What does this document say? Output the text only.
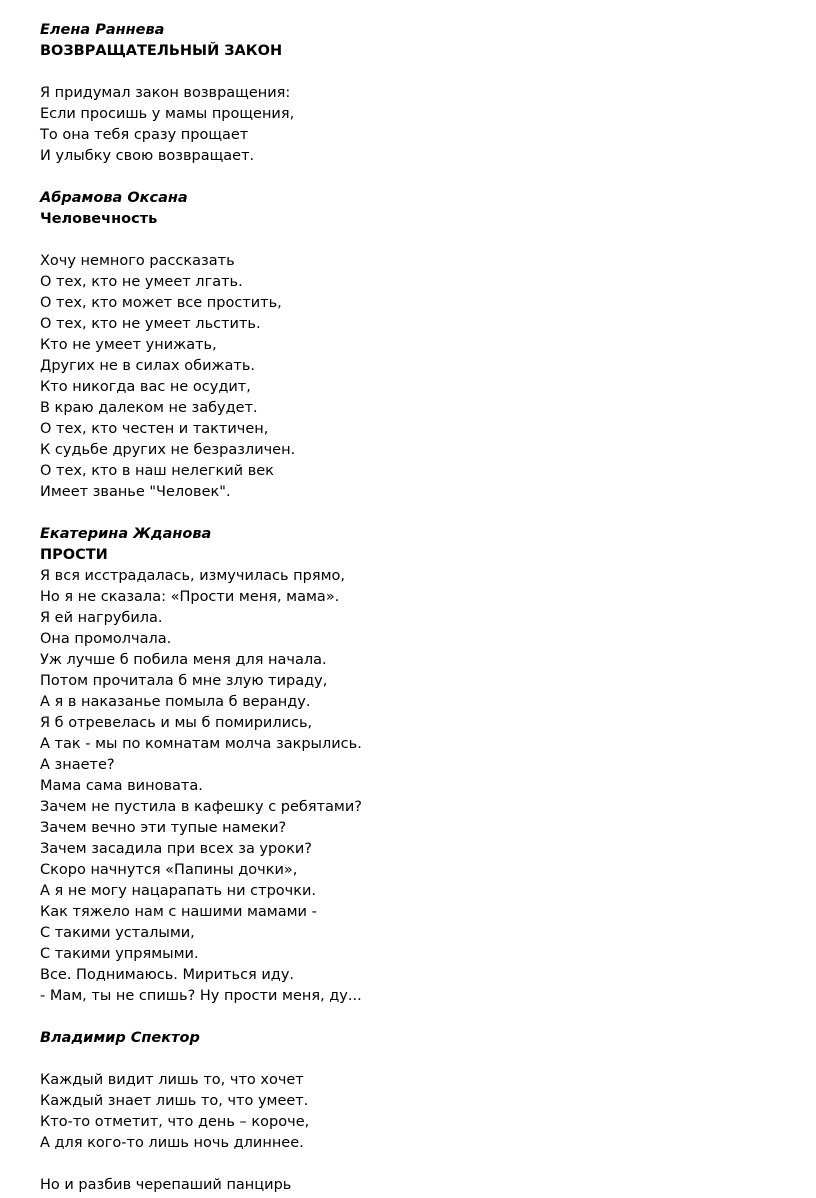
Елена Раннева
ВОЗВРАЩАТЕЛЬНЫЙ ЗАКОН
Я придумал закон возвращения:
Если просишь у мамы прощения,
То она тебя сразу прощает
И улыбку свою возвращает.
Абрамова Оксана
Человечность
Хочу немного рассказать
О тех, кто не умеет лгать.
О тех, кто может все простить,
О тех, кто не умеет льстить.
Кто не умеет унижать,
Других не в силах обижать.
Кто никогда вас не осудит,
В краю далеком не забудет.
О тех, кто честен и тактичен,
К судьбе других не безразличен.
О тех, кто в наш нелегкий век
Имеет званье "Человек".
Екатерина Жданова
ПРОСТИ
Я вся исстрадалась, измучилась прямо,
Но я не сказала: «Прости меня, мама».
Я ей нагрубила.
Она промолчала.
Уж лучше б побила меня для начала.
Потом прочитала б мне злую тираду,
А я в наказанье помыла б веранду.
Я б отревелась и мы б помирились,
А так - мы по комнатам молча закрылись.
А знаете?
Мама сама виновата.
Зачем не пустила в кафешку с ребятами?
Зачем вечно эти тупые намеки?
Зачем засадила при всех за уроки?
Скоро начнутся «Папины дочки»,
А я не могу нацарапать ни строчки.
Как тяжело нам с нашими мамами -
С такими усталыми,
С такими упрямыми.
Все. Поднимаюсь. Мириться иду.
- Мам, ты не спишь? Ну прости меня, ду...
Владимир Спектор
Каждый видит лишь то, что хочет
Каждый знает лишь то, что умеет.
Кто-то отметит, что день – короче,
А для кого-то лишь ночь длиннее.
Но и разбив черепаший панцирь
